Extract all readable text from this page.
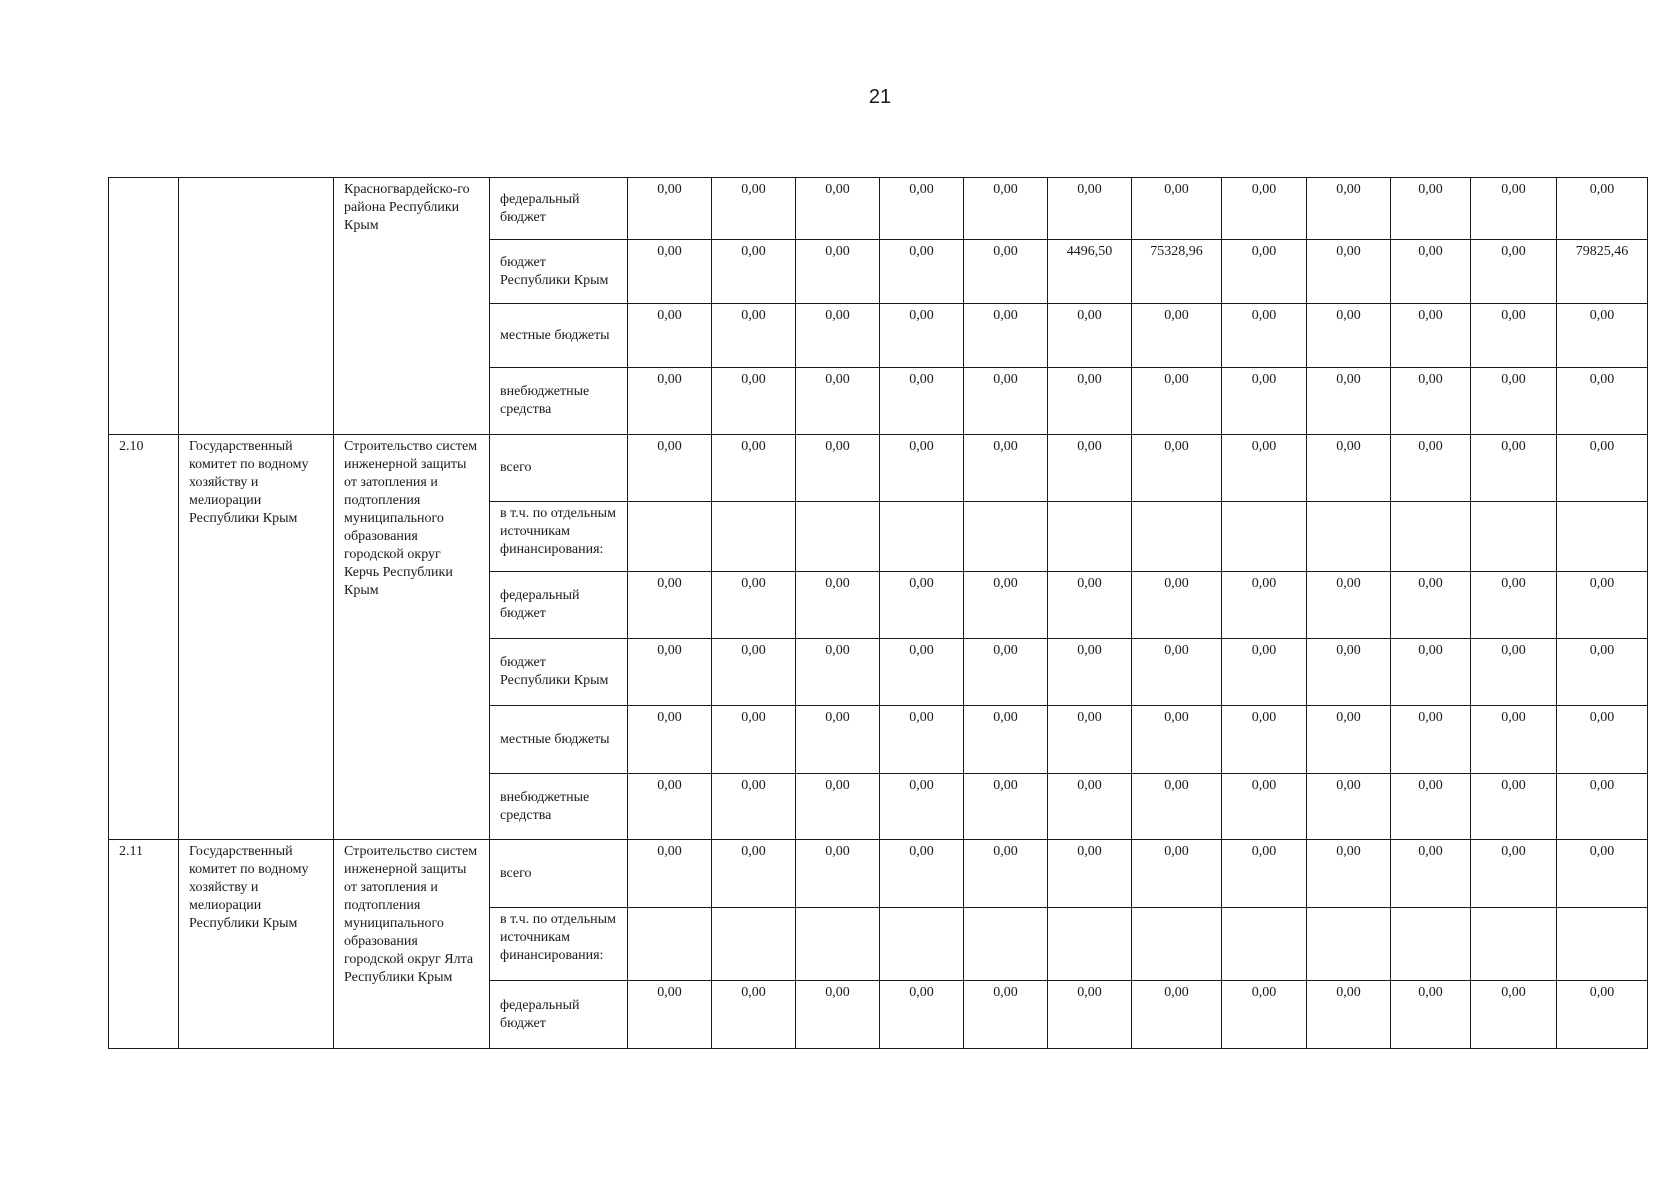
21
		Красногвардейско-го района Республики Крым	федеральный бюджет	0,00	0,00	0,00	0,00	0,00	0,00	0,00	0,00	0,00	0,00	0,00	0,00
			бюджет Республики Крым	0,00	0,00	0,00	0,00	0,00	4496,50	75328,96	0,00	0,00	0,00	0,00	79825,46
			местные бюджеты	0,00	0,00	0,00	0,00	0,00	0,00	0,00	0,00	0,00	0,00	0,00	0,00
			внебюджетные средства	0,00	0,00	0,00	0,00	0,00	0,00	0,00	0,00	0,00	0,00	0,00	0,00
2.10	Государственный комитет по водному хозяйству и мелиорации Республики Крым	Строительство систем инженерной защиты от затопления и подтопления муниципального образования городской округ Керчь Республики Крым	всего	0,00	0,00	0,00	0,00	0,00	0,00	0,00	0,00	0,00	0,00	0,00	0,00
			в т.ч. по отдельным источникам финансирования:												
			федеральный бюджет	0,00	0,00	0,00	0,00	0,00	0,00	0,00	0,00	0,00	0,00	0,00	0,00
			бюджет Республики Крым	0,00	0,00	0,00	0,00	0,00	0,00	0,00	0,00	0,00	0,00	0,00	0,00
			местные бюджеты	0,00	0,00	0,00	0,00	0,00	0,00	0,00	0,00	0,00	0,00	0,00	0,00
			внебюджетные средства	0,00	0,00	0,00	0,00	0,00	0,00	0,00	0,00	0,00	0,00	0,00	0,00
2.11	Государственный комитет по водному хозяйству и мелиорации Республики Крым	Строительство систем инженерной защиты от затопления и подтопления муниципального образования городской округ Ялта Республики Крым	всего	0,00	0,00	0,00	0,00	0,00	0,00	0,00	0,00	0,00	0,00	0,00	0,00
			в т.ч. по отдельным источникам финансирования:												
			федеральный бюджет	0,00	0,00	0,00	0,00	0,00	0,00	0,00	0,00	0,00	0,00	0,00	0,00
